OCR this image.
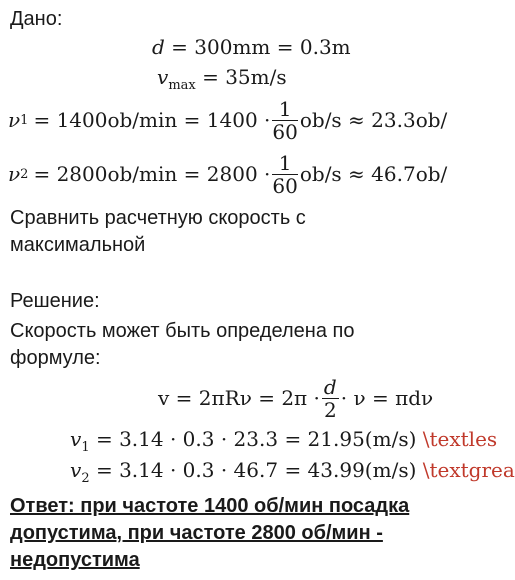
Дано:
d = 300mm = 0.3m
$v_{max} = 35m/s$
ν $1 = 1400ob/\min = 1400 \cdot \frac{1}{60} ob/s \approx 23.3ob/$
ν $2 = 2800ob/\min = 2800 \cdot \frac{1}{60} ob/s \approx 46.7ob/$
Сравнить расчетную скорость с максимальной
Решение:
Скорость может быть определена по формуле:
$v = 2\pi R\nu = 2\pi \cdot \frac{d}{2} \cdot \nu = \pi d\nu$
$v_1 = 3.14 \cdot 0.3 \cdot 23.3 = 21.95(m/s)$ \textles
$v_2 = 3.14 \cdot 0.3 \cdot 46.7 = 43.99(m/s)$ \textgrea
Ответ: при частоте 1400 об/мин посадка допустима, при частоте 2800 об/мин - недопустима
